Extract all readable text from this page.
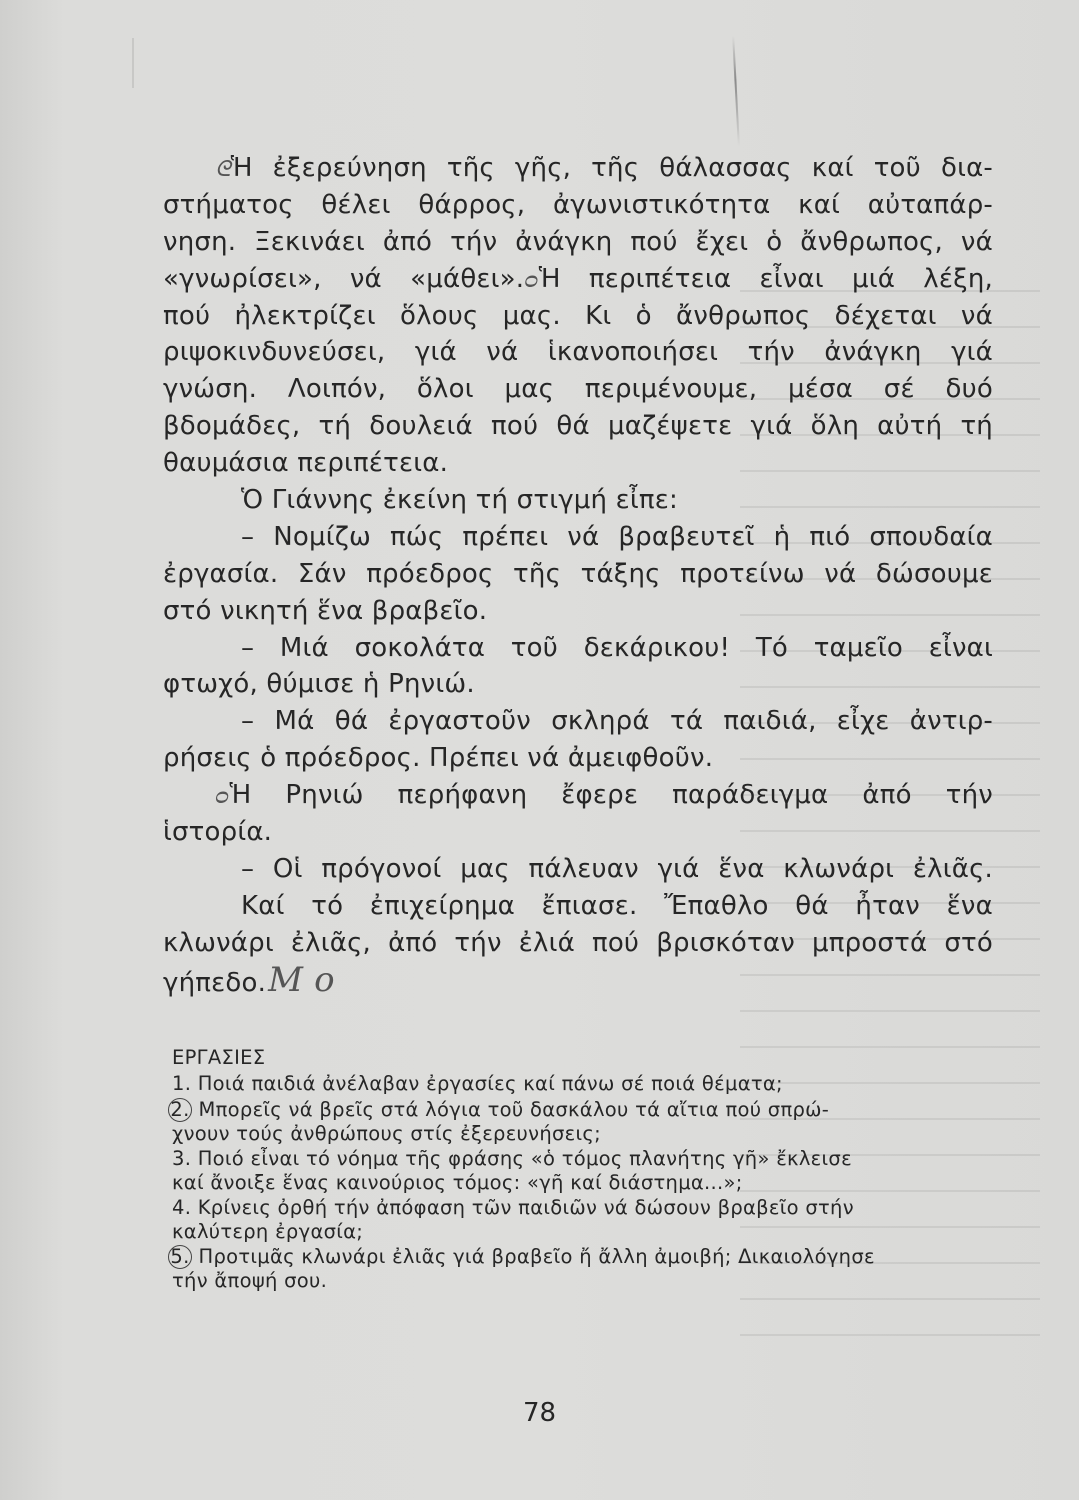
ᘓἩ ἐξερεύνηση τῆς γῆς, τῆς θάλασσας καί τοῦ δια-
στήματος θέλει θάρρος, ἀγωνιστικότητα καί αὐταπάρ-
νηση. Ξεκινάει ἀπό τήν ἀνάγκη πού ἔχει ὁ ἄνθρωπος, νά
«γνωρίσει», νά «μάθει».ᴑἩ περιπέτεια εἶναι μιά λέξη,
πού ἠλεκτρίζει ὅλους μας. Κι ὁ ἄνθρωπος δέχεται νά
ριψοκινδυνεύσει, γιά νά ἱκανοποιήσει τήν ἀνάγκη γιά
γνώση. Λοιπόν, ὅλοι μας περιμένουμε, μέσα σέ δυό
βδομάδες, τή δουλειά πού θά μαζέψετε γιά ὅλη αὐτή τή
θαυμάσια περιπέτεια.
Ὁ Γιάννης ἐκείνη τή στιγμή εἶπε:
– Νομίζω πώς πρέπει νά βραβευτεῖ ἡ πιό σπουδαία
ἐργασία. Σάν πρόεδρος τῆς τάξης προτείνω νά δώσουμε
στό νικητή ἕνα βραβεῖο.
– Μιά σοκολάτα τοῦ δεκάρικου! Τό ταμεῖο εἶναι
φτωχό, θύμισε ἡ Ρηνιώ.
– Μά θά ἐργαστοῦν σκληρά τά παιδιά, εἶχε ἀντιρ-
ρήσεις ὁ πρόεδρος. Πρέπει νά ἀμειφθοῦν.
ᴑἩ Ρηνιώ περήφανη ἔφερε παράδειγμα ἀπό τήν
ἱστορία.
– Οἱ πρόγονοί μας πάλευαν γιά ἕνα κλωνάρι ἐλιᾶς.
Καί τό ἐπιχείρημα ἔπιασε. Ἔπαθλο θά ἦταν ἕνα
κλωνάρι ἐλιᾶς, ἀπό τήν ἐλιά πού βρισκόταν μπροστά στό
γήπεδο.Μ ο
ΕΡΓΑΣΙΕΣ
1. Ποιά παιδιά ἀνέλαβαν ἐργασίες καί πάνω σέ ποιά θέματα;
2. Μπορεῖς νά βρεῖς στά λόγια τοῦ δασκάλου τά αἴτια πού σπρώ-
χνουν τούς ἀνθρώπους στίς ἐξερευνήσεις;
3. Ποιό εἶναι τό νόημα τῆς φράσης «ὁ τόμος πλανήτης γῆ» ἔκλεισε
καί ἄνοιξε ἕνας καινούριος τόμος: «γῆ καί διάστημα...»;
4. Κρίνεις ὀρθή τήν ἀπόφαση τῶν παιδιῶν νά δώσουν βραβεῖο στήν
καλύτερη ἐργασία;
5. Προτιμᾶς κλωνάρι ἐλιᾶς γιά βραβεῖο ἤ ἄλλη ἀμοιβή; Δικαιολόγησε
τήν ἄποψή σου.
78
